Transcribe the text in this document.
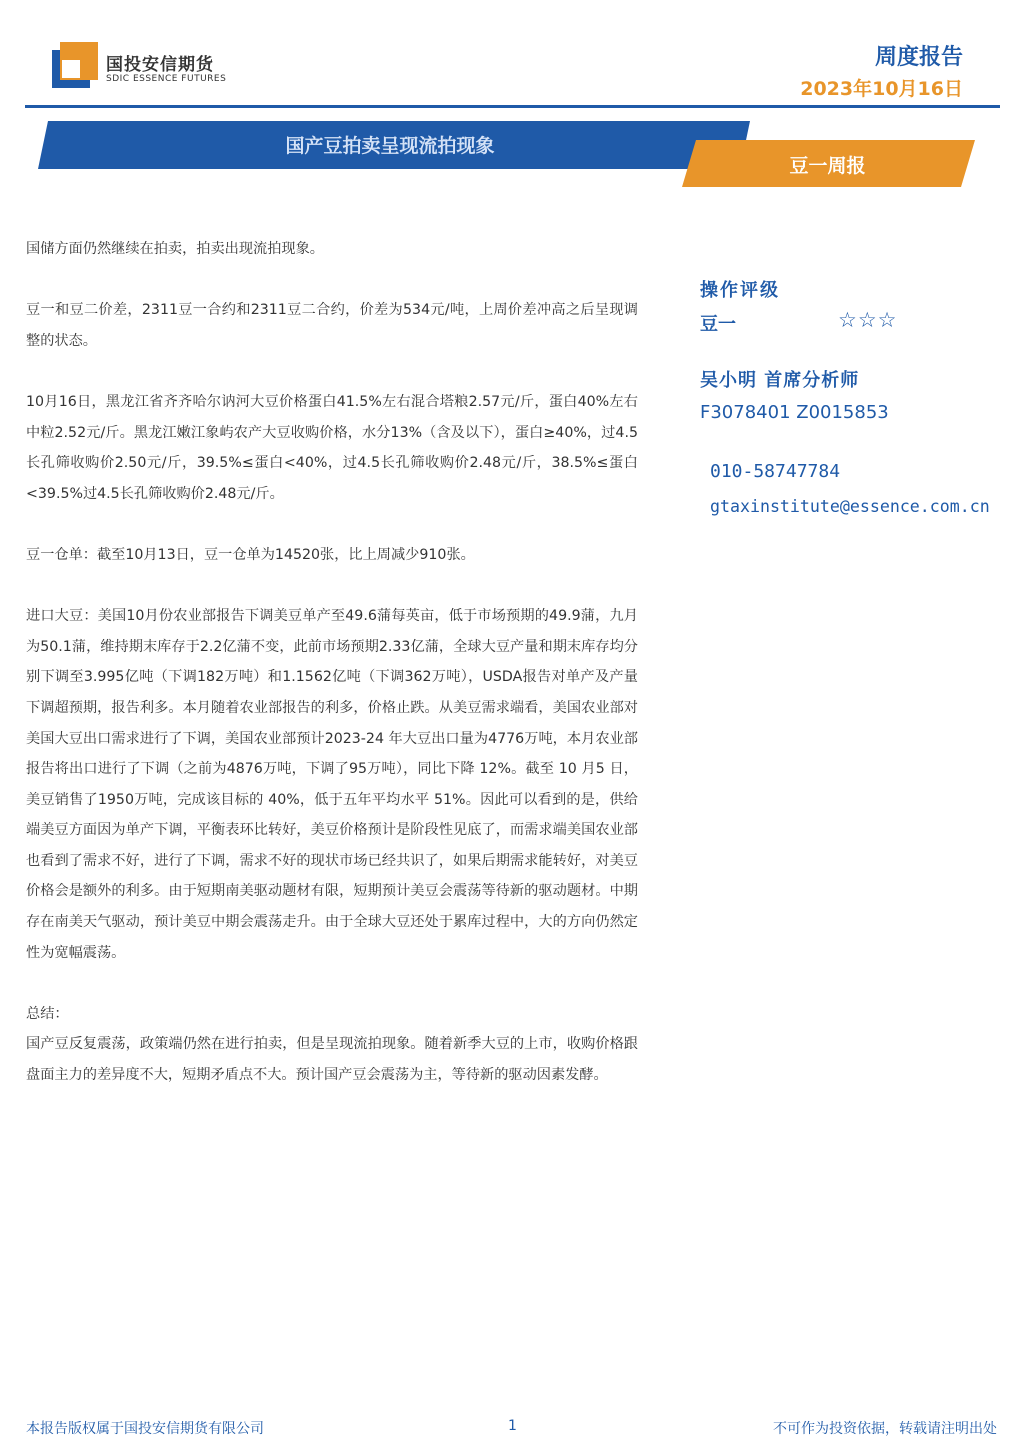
国投安信期货
SDIC ESSENCE FUTURES
周度报告
2023年10月16日
国产豆拍卖呈现流拍现象
豆一周报

国储方面仍然继续在拍卖，拍卖出现流拍现象。

豆一和豆二价差，2311豆一合约和2311豆二合约，价差为534元/吨，上周价差冲高之后呈现调整的状态。

10月16日，黑龙江省齐齐哈尔讷河大豆价格蛋白41.5%左右混合塔粮2.57元/斤，蛋白40%左右中粒2.52元/斤。黑龙江嫩江象屿农产大豆收购价格，水分13%（含及以下），蛋白≥40%，过4.5长孔筛收购价2.50元/斤，39.5%≤蛋白<40%，过4.5长孔筛收购价2.48元/斤，38.5%≤蛋白<39.5%过4.5长孔筛收购价2.48元/斤。

豆一仓单：截至10月13日，豆一仓单为14520张，比上周减少910张。

进口大豆：美国10月份农业部报告下调美豆单产至49.6蒲每英亩，低于市场预期的49.9蒲，九月为50.1蒲，维持期末库存于2.2亿蒲不变，此前市场预期2.33亿蒲，全球大豆产量和期末库存均分别下调至3.995亿吨（下调182万吨）和1.1562亿吨（下调362万吨），USDA报告对单产及产量下调超预期，报告利多。本月随着农业部报告的利多，价格止跌。从美豆需求端看，美国农业部对美国大豆出口需求进行了下调，美国农业部预计2023-24 年大豆出口量为4776万吨，本月农业部报告将出口进行了下调（之前为4876万吨，下调了95万吨），同比下降 12%。截至 10 月5 日，美豆销售了1950万吨，完成该目标的 40%，低于五年平均水平 51%。因此可以看到的是，供给端美豆方面因为单产下调，平衡表环比转好，美豆价格预计是阶段性见底了，而需求端美国农业部也看到了需求不好，进行了下调，需求不好的现状市场已经共识了，如果后期需求能转好，对美豆价格会是额外的利多。由于短期南美驱动题材有限，短期预计美豆会震荡等待新的驱动题材。中期存在南美天气驱动，预计美豆中期会震荡走升。由于全球大豆还处于累库过程中，大的方向仍然定性为宽幅震荡。

总结：

国产豆反复震荡，政策端仍然在进行拍卖，但是呈现流拍现象。随着新季大豆的上市，收购价格跟盘面主力的差异度不大，短期矛盾点不大。预计国产豆会震荡为主，等待新的驱动因素发酵。

操作评级
豆一	☆☆☆
吴小明 首席分析师
F3078401 Z0015853
010-58747784
gtaxinstitute@essence.com.cn
本报告版权属于国投安信期货有限公司	1	不可作为投资依据，转载请注明出处
